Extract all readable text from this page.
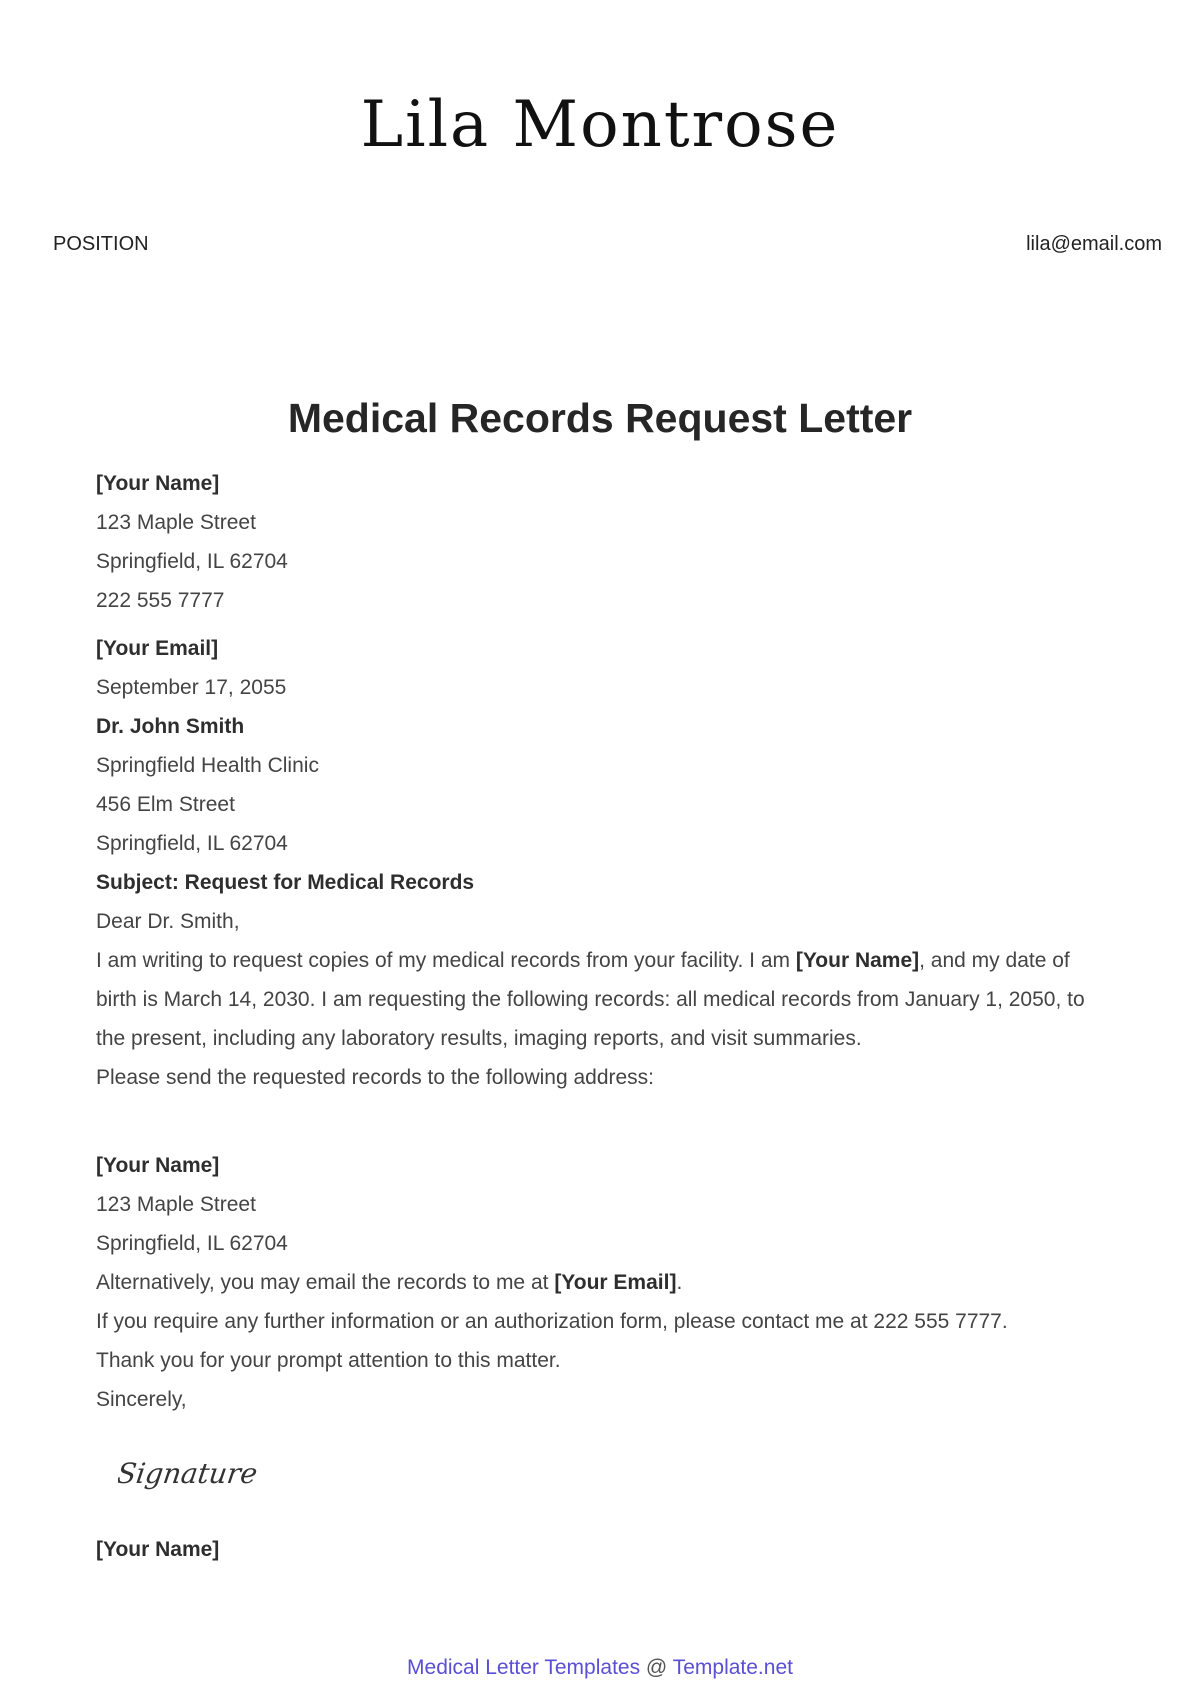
Lila Montrose
POSITION	lila@email.com
Medical Records Request Letter

[Your Name]

123 Maple Street

Springfield, IL 62704

222 555 7777

[Your Email]

September 17, 2055

Dr. John Smith

Springfield Health Clinic

456 Elm Street

Springfield, IL 62704

Subject: Request for Medical Records

Dear Dr. Smith,

I am writing to request copies of my medical records from your facility. I am [Your Name], and my date of birth is March 14, 2030. I am requesting the following records: all medical records from January 1, 2050, to the present, including any laboratory results, imaging reports, and visit summaries.

Please send the requested records to the following address:

[Your Name]

123 Maple Street

Springfield, IL 62704

Alternatively, you may email the records to me at [Your Email].

If you require any further information or an authorization form, please contact me at 222 555 7777.

Thank you for your prompt attention to this matter.

Sincerely,

Signature

[Your Name]

Medical Letter Templates @ Template.net
